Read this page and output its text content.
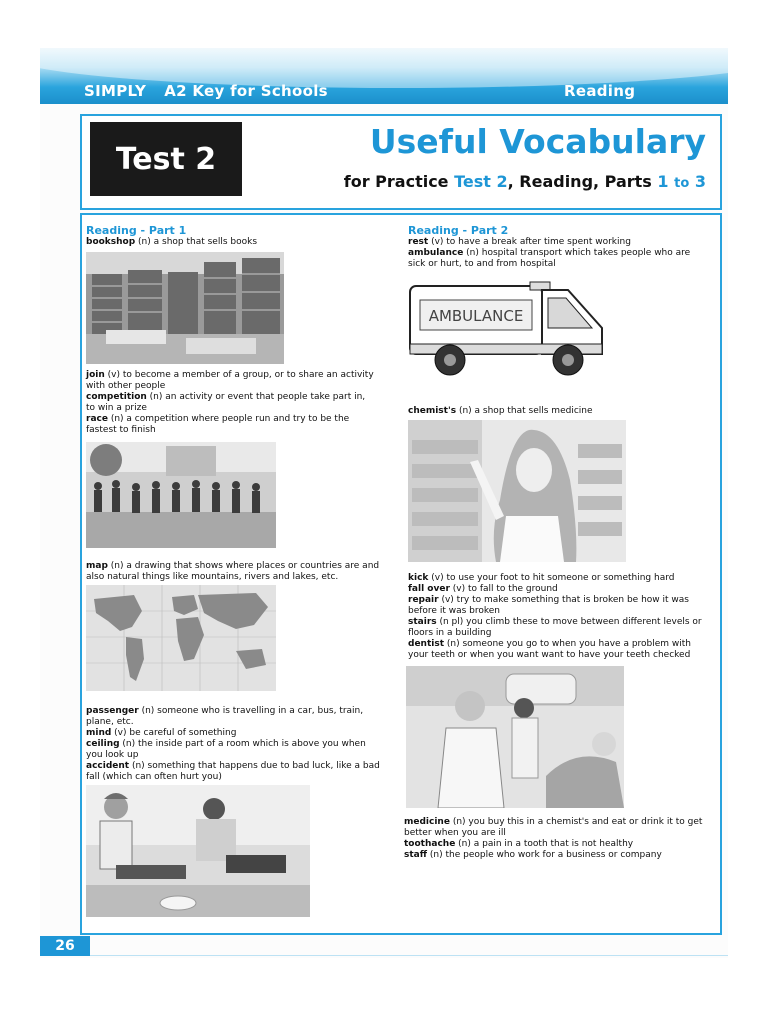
SIMPLY A2 Key for Schools	Reading
Test 2	Useful Vocabulary
for Practice Test 2, Reading, Parts 1 to 3
Reading - Part 1

bookshop (n) a shop that sells books

join (v) to become a member of a group, or to share an activity with other people

competition (n) an activity or event that people take part in, to win a prize

race (n) a competition where people run and try to be the fastest to finish

map (n) a drawing that shows where places or countries are and also natural things like mountains, rivers and lakes, etc.

passenger (n) someone who is travelling in a car, bus, train, plane, etc.

mind (v) be careful of something

ceiling (n) the inside part of a room which is above you when you look up

accident (n) something that happens due to bad luck, like a bad fall (which can often hurt you)

Reading - Part 2

rest (v) to have a break after time spent working

ambulance (n) hospital transport which takes people who are sick or hurt, to and from hospital

AMBULANCE

chemist's (n) a shop that sells medicine

kick (v) to use your foot to hit someone or something hard

fall over (v) to fall to the ground

repair (v) try to make something that is broken be how it was before it was broken

stairs (n pl) you climb these to move between different levels or floors in a building

dentist (n) someone you go to when you have a problem with your teeth or when you want want to have your teeth checked

medicine (n) you buy this in a chemist's and eat or drink it to get better when you are ill

toothache (n) a pain in a tooth that is not healthy

staff (n) the people who work for a business or company

26
